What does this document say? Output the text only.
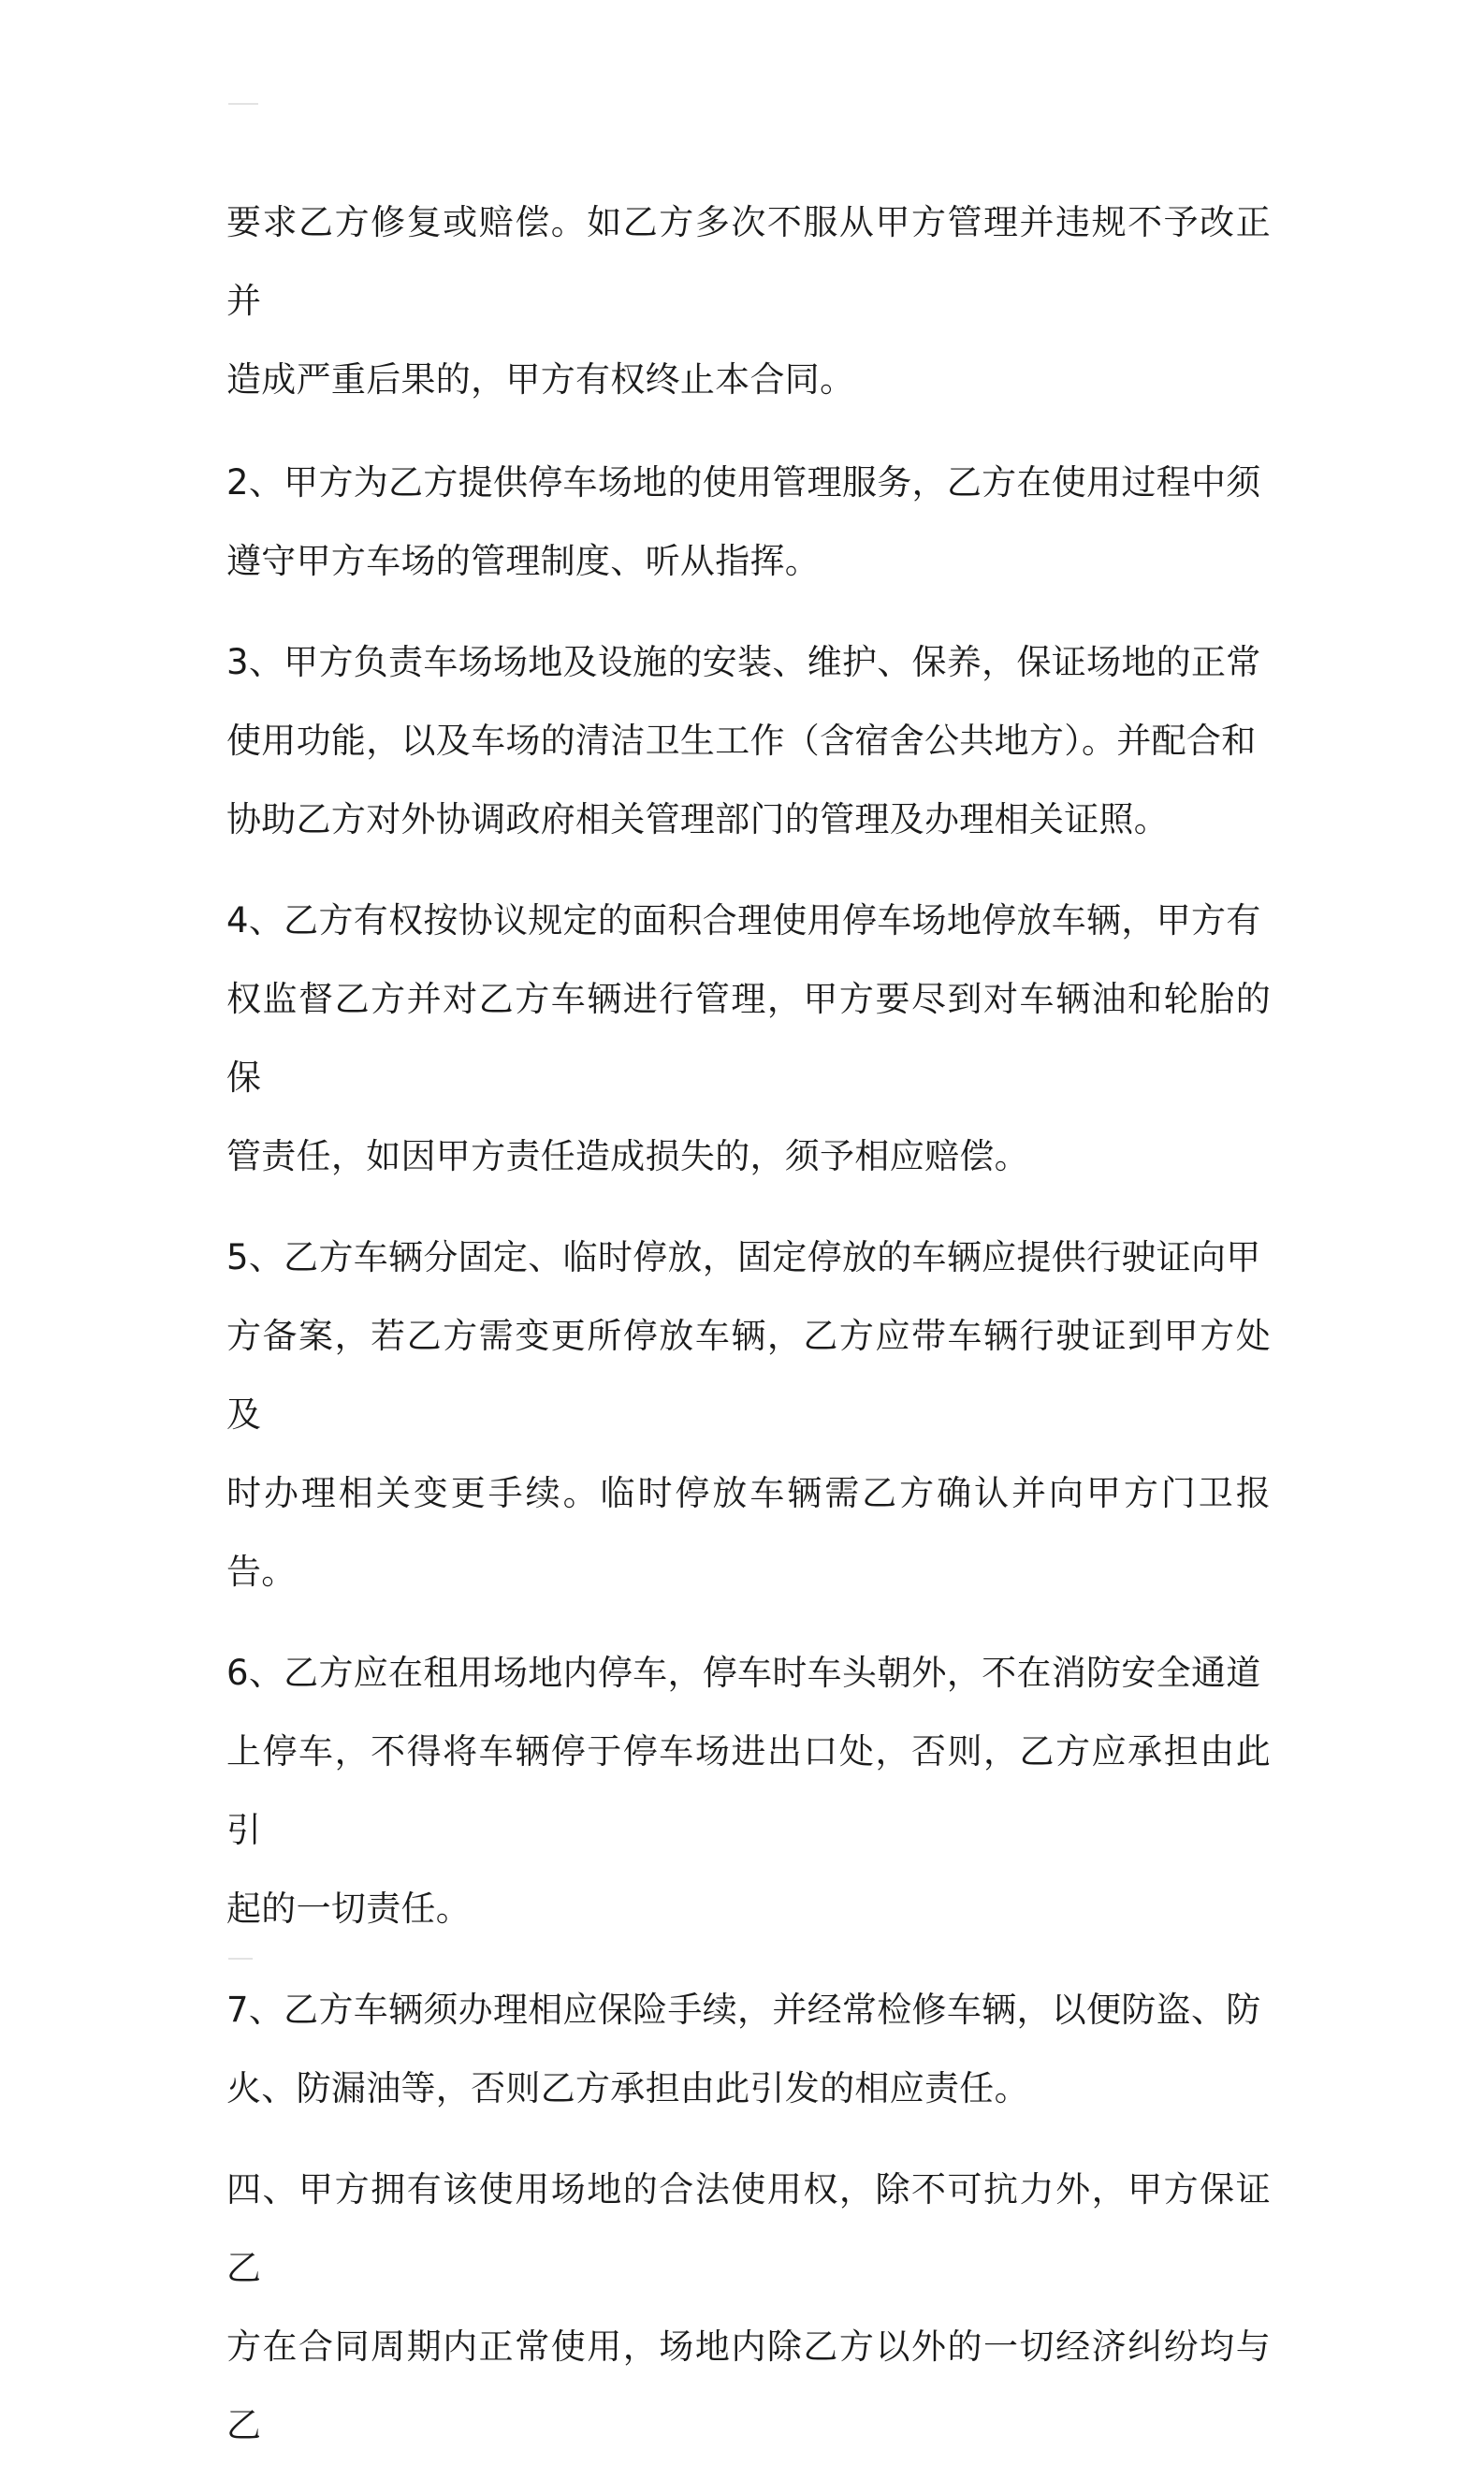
要求乙方修复或赔偿。如乙方多次不服从甲方管理并违规不予改正并
造成严重后果的，甲方有权终止本合同。

2、甲方为乙方提供停车场地的使用管理服务，乙方在使用过程中须
遵守甲方车场的管理制度、听从指挥。

3、甲方负责车场场地及设施的安装、维护、保养，保证场地的正常
使用功能，以及车场的清洁卫生工作（含宿舍公共地方）。并配合和
协助乙方对外协调政府相关管理部门的管理及办理相关证照。

4、乙方有权按协议规定的面积合理使用停车场地停放车辆，甲方有
权监督乙方并对乙方车辆进行管理，甲方要尽到对车辆油和轮胎的保
管责任，如因甲方责任造成损失的，须予相应赔偿。

5、乙方车辆分固定、临时停放，固定停放的车辆应提供行驶证向甲
方备案，若乙方需变更所停放车辆，乙方应带车辆行驶证到甲方处及
时办理相关变更手续。临时停放车辆需乙方确认并向甲方门卫报告。

6、乙方应在租用场地内停车，停车时车头朝外，不在消防安全通道
上停车，不得将车辆停于停车场进出口处，否则，乙方应承担由此引
起的一切责任。

7、乙方车辆须办理相应保险手续，并经常检修车辆，以便防盗、防
火、防漏油等，否则乙方承担由此引发的相应责任。

四、甲方拥有该使用场地的合法使用权，除不可抗力外，甲方保证乙
方在合同周期内正常使用，场地内除乙方以外的一切经济纠纷均与乙
